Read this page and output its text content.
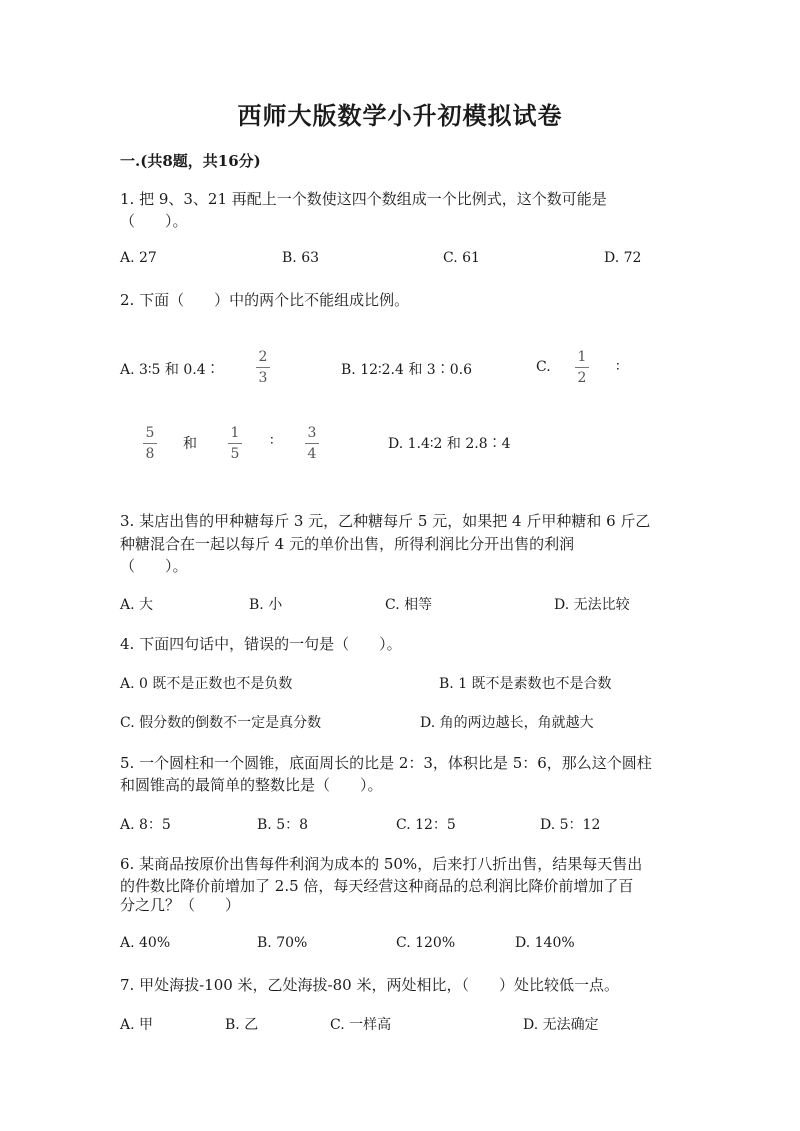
西师大版数学小升初模拟试卷
一.(共8题，共16分)
1. 把 9、3、21 再配上一个数使这四个数组成一个比例式，这个数可能是
（　　）。
A. 27	B. 63	C. 61	D. 72
2. 下面（　　）中的两个比不能组成比例。
A. 3∶5 和 0.4∶
2
3	B. 12∶2.4 和 3∶0.6	C.
1
2
∶
5
8
和
1
5
∶ 3
4
D. 1.4∶2 和 2.8∶4
3. 某店出售的甲种糖每斤 3 元，乙种糖每斤 5 元，如果把 4 斤甲种糖和 6 斤乙
种糖混合在一起以每斤 4 元的单价出售，所得利润比分开出售的利润
（　　）。
A. 大	B. 小	C. 相等	D. 无法比较
4. 下面四句话中，错误的一句是（　　）。
A. 0 既不是正数也不是负数	B. 1 既不是素数也不是合数
C. 假分数的倒数不一定是真分数	D. 角的两边越长，角就越大
5. 一个圆柱和一个圆锥，底面周长的比是 2：3，体积比是 5：6，那么这个圆柱
和圆锥高的最简单的整数比是（　　）。
A. 8：5	B. 5：8	C. 12：5	D. 5：12
6. 某商品按原价出售每件利润为成本的 50%，后来打八折出售，结果每天售出
的件数比降价前增加了 2.5 倍，每天经营这种商品的总利润比降价前增加了百
分之几？（　　）
A. 40%	B. 70%	C. 120%	D. 140%
7. 甲处海拔-100 米，乙处海拔-80 米，两处相比，（　　）处比较低一点。
A. 甲	B. 乙	C. 一样高	D. 无法确定
